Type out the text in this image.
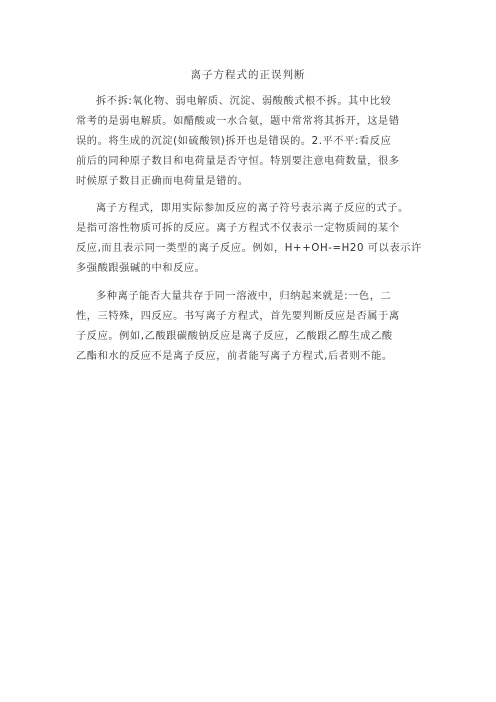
离子方程式的正误判断
拆不拆:氧化物、弱电解质、沉淀、弱酸酸式根不拆。其中比较
常考的是弱电解质。如醋酸或一水合氨，题中常常将其拆开，这是错
误的。将生成的沉淀(如硫酸钡)拆开也是错误的。2.平不平:看反应
前后的同种原子数目和电荷量是否守恒。特别要注意电荷数量，很多
时候原子数目正确而电荷量是错的。
离子方程式，即用实际参加反应的离子符号表示离子反应的式子。
是指可溶性物质可拆的反应。离子方程式不仅表示一定物质间的某个
反应,而且表示同一类型的离子反应。例如，H++OH-=H20 可以表示许
多强酸跟强碱的中和反应。
多种离子能否大量共存于同一溶液中，归纳起来就是:一色，二
性，三特殊，四反应。书写离子方程式，首先要判断反应是否属于离
子反应。例如,乙酸跟碳酸钠反应是离子反应，乙酸跟乙醇生成乙酸
乙酯和水的反应不是离子反应，前者能写离子方程式,后者则不能。
